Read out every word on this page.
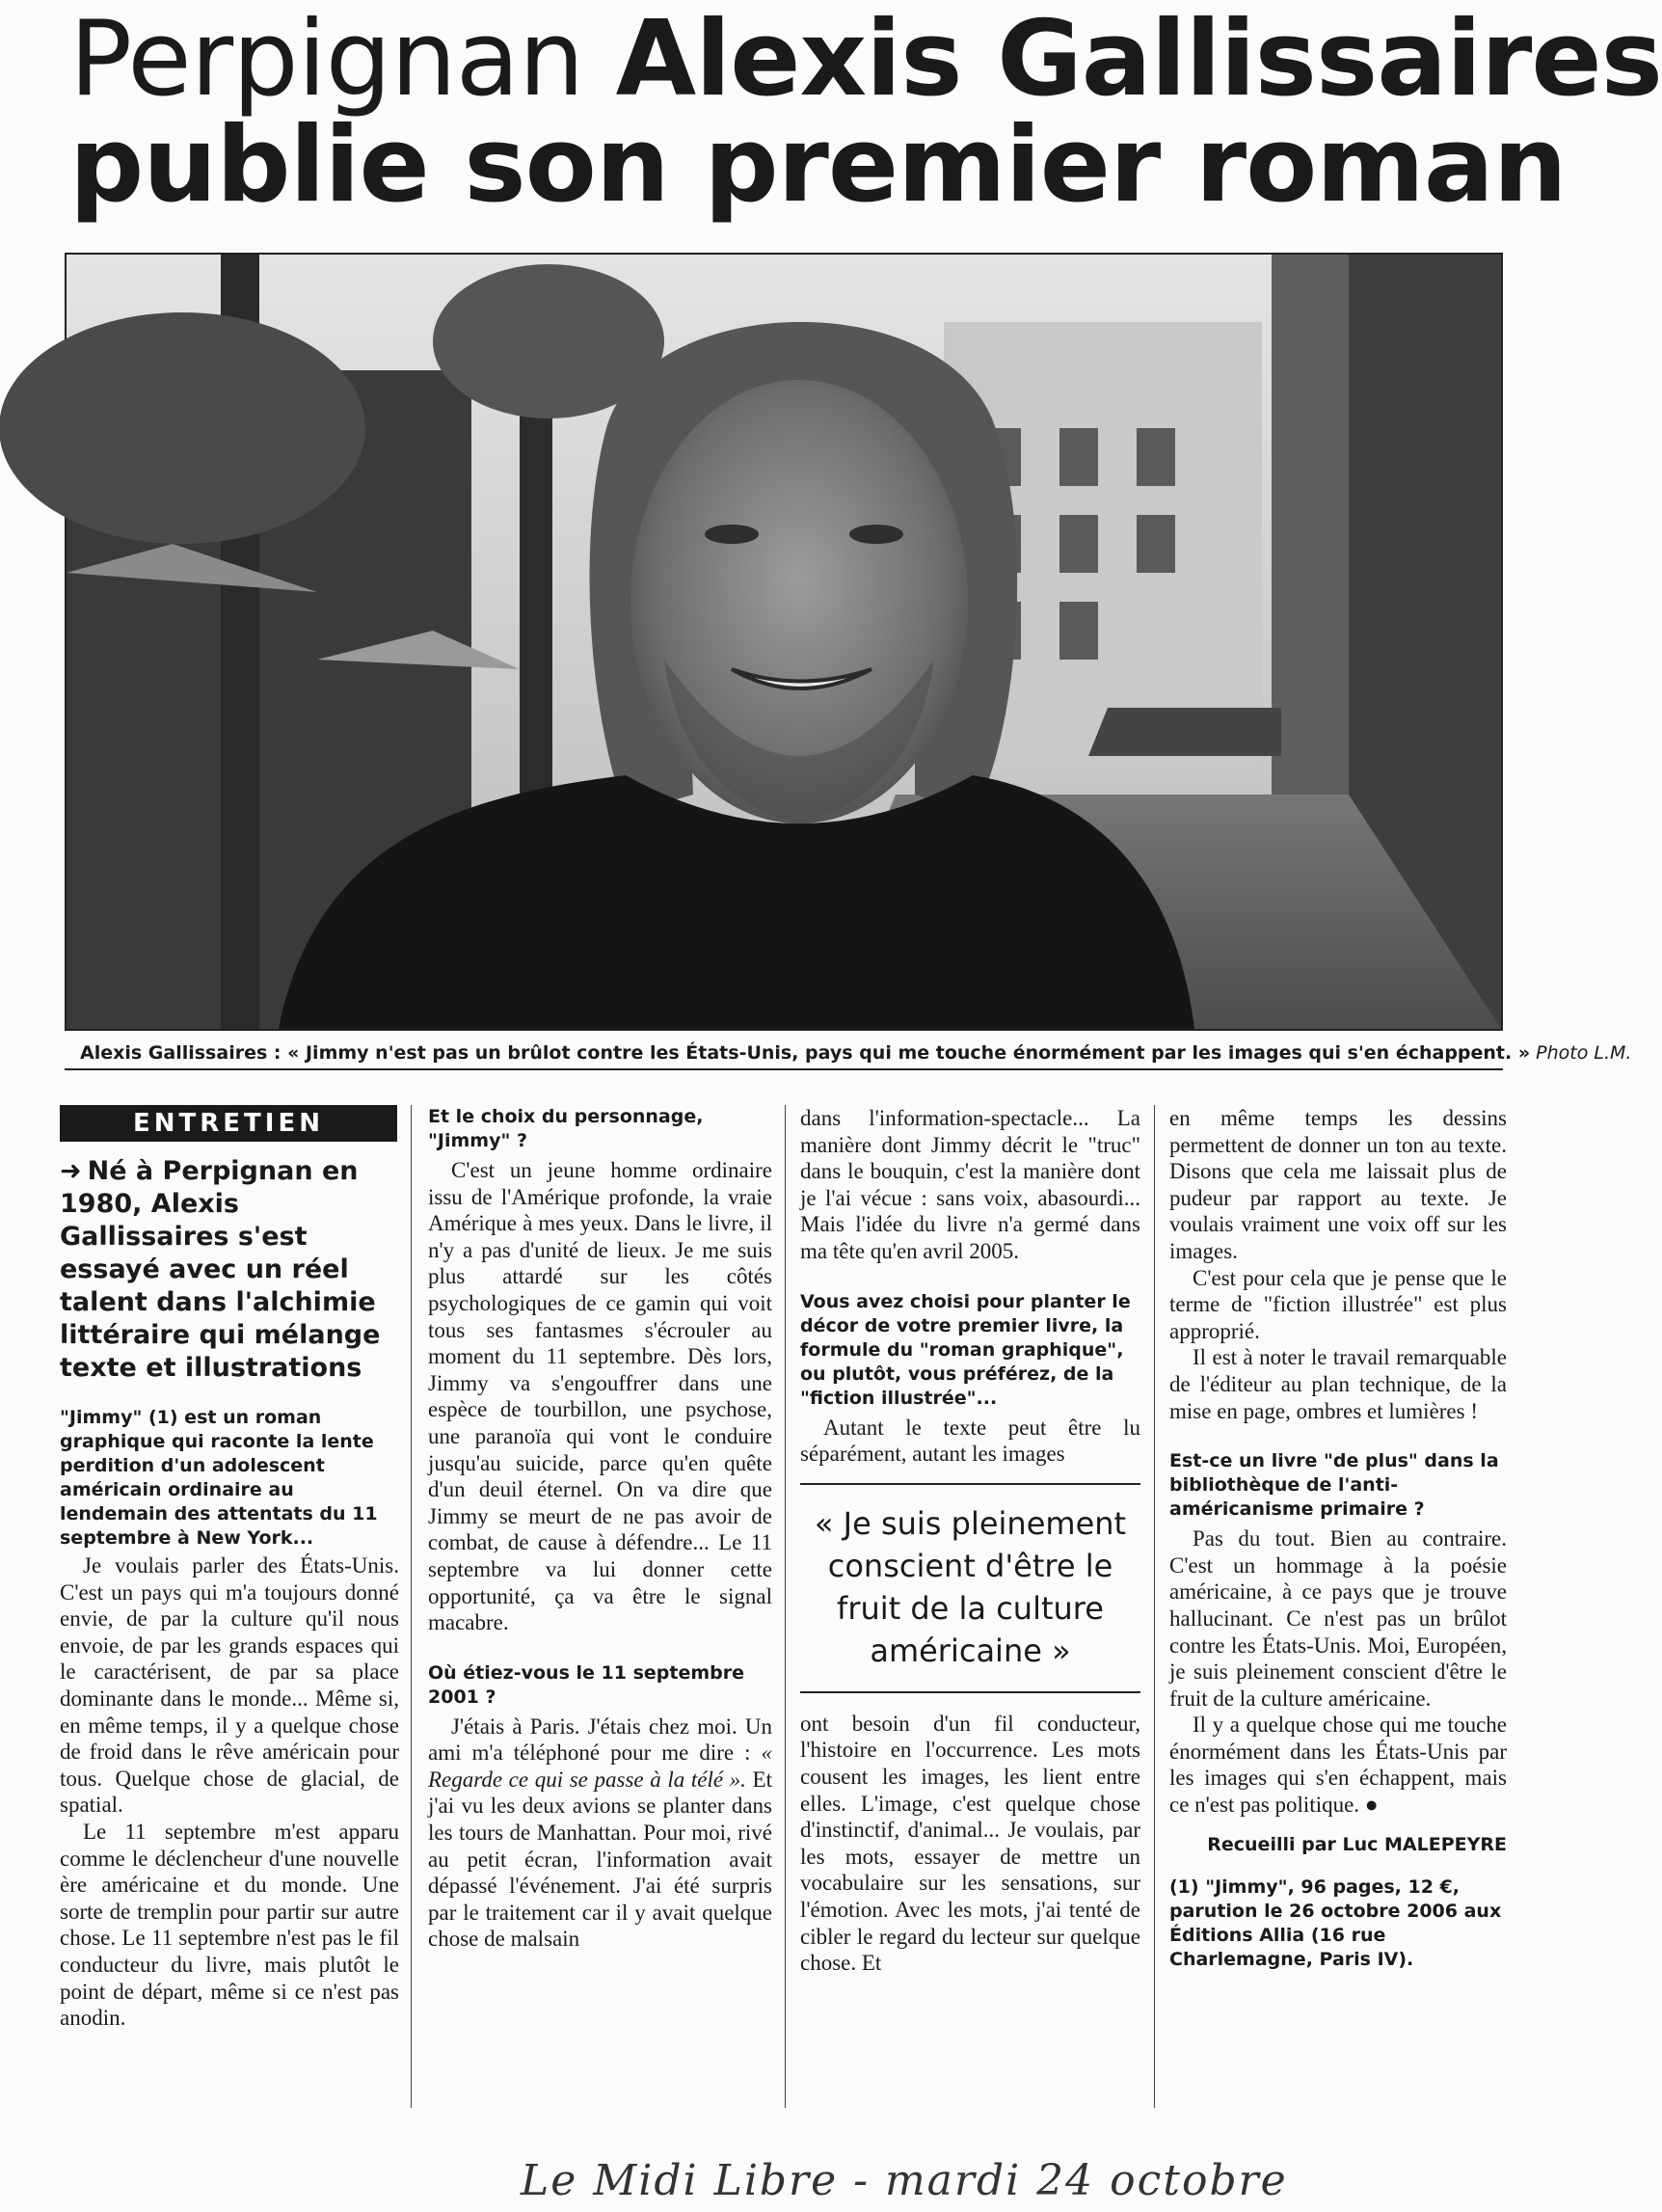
Perpignan Alexis Gallissaires
publie son premier roman
Alexis Gallissaires : « Jimmy n'est pas un brûlot contre les États-Unis, pays qui me touche énormément par les images qui s'en échappent. » Photo L.M.
ENTRETIEN
➜ Né à Perpignan en 1980, Alexis Gallissaires s'est essayé avec un réel talent dans l'alchimie littéraire qui mélange texte et illustrations
"Jimmy" (1) est un roman graphique qui raconte la lente perdition d'un adolescent américain ordinaire au lendemain des attentats du 11 septembre à New York...

Je voulais parler des États-Unis. C'est un pays qui m'a toujours donné envie, de par la culture qu'il nous envoie, de par les grands espaces qui le caractérisent, de par sa place dominante dans le monde... Même si, en même temps, il y a quelque chose de froid dans le rêve américain pour tous. Quelque chose de glacial, de spatial.

Le 11 septembre m'est apparu comme le déclencheur d'une nouvelle ère américaine et du monde. Une sorte de tremplin pour partir sur autre chose. Le 11 septembre n'est pas le fil conducteur du livre, mais plutôt le point de départ, même si ce n'est pas anodin.

Et le choix du personnage, "Jimmy" ?

C'est un jeune homme ordinaire issu de l'Amérique profonde, la vraie Amérique à mes yeux. Dans le livre, il n'y a pas d'unité de lieux. Je me suis plus attardé sur les côtés psychologiques de ce gamin qui voit tous ses fantasmes s'écrouler au moment du 11 septembre. Dès lors, Jimmy va s'engouffrer dans une espèce de tourbillon, une psychose, une paranoïa qui vont le conduire jusqu'au suicide, parce qu'en quête d'un deuil éternel. On va dire que Jimmy se meurt de ne pas avoir de combat, de cause à défendre... Le 11 septembre va lui donner cette opportunité, ça va être le signal macabre.

Où étiez-vous le 11 septembre 2001 ?

J'étais à Paris. J'étais chez moi. Un ami m'a téléphoné pour me dire : « Regarde ce qui se passe à la télé ». Et j'ai vu les deux avions se planter dans les tours de Manhattan. Pour moi, rivé au petit écran, l'information avait dépassé l'événement. J'ai été surpris par le traitement car il y avait quelque chose de malsain

dans l'information-spectacle... La manière dont Jimmy décrit le "truc" dans le bouquin, c'est la manière dont je l'ai vécue : sans voix, abasourdi... Mais l'idée du livre n'a germé dans ma tête qu'en avril 2005.

Vous avez choisi pour planter le décor de votre premier livre, la formule du "roman graphique", ou plutôt, vous préférez, de la "fiction illustrée"...

Autant le texte peut être lu séparément, autant les images

« Je suis pleinement conscient d'être le fruit de la culture américaine »

ont besoin d'un fil conducteur, l'histoire en l'occurrence. Les mots cousent les images, les lient entre elles. L'image, c'est quelque chose d'instinctif, d'animal... Je voulais, par les mots, essayer de mettre un vocabulaire sur les sensations, sur l'émotion. Avec les mots, j'ai tenté de cibler le regard du lecteur sur quelque chose. Et

en même temps les dessins permettent de donner un ton au texte. Disons que cela me laissait plus de pudeur par rapport au texte. Je voulais vraiment une voix off sur les images.

C'est pour cela que je pense que le terme de "fiction illustrée" est plus approprié.

Il est à noter le travail remarquable de l'éditeur au plan technique, de la mise en page, ombres et lumières !

Est-ce un livre "de plus" dans la bibliothèque de l'anti-américanisme primaire ?

Pas du tout. Bien au contraire. C'est un hommage à la poésie américaine, à ce pays que je trouve hallucinant. Ce n'est pas un brûlot contre les États-Unis. Moi, Européen, je suis pleinement conscient d'être le fruit de la culture américaine.

Il y a quelque chose qui me touche énormément dans les États-Unis par les images qui s'en échappent, mais ce n'est pas politique. ●

Recueilli par Luc MALEPEYRE
(1) "Jimmy", 96 pages, 12 €, parution le 26 octobre 2006 aux Éditions Allia (16 rue Charlemagne, Paris IV).
Le Midi Libre - mardi 24 octobre
